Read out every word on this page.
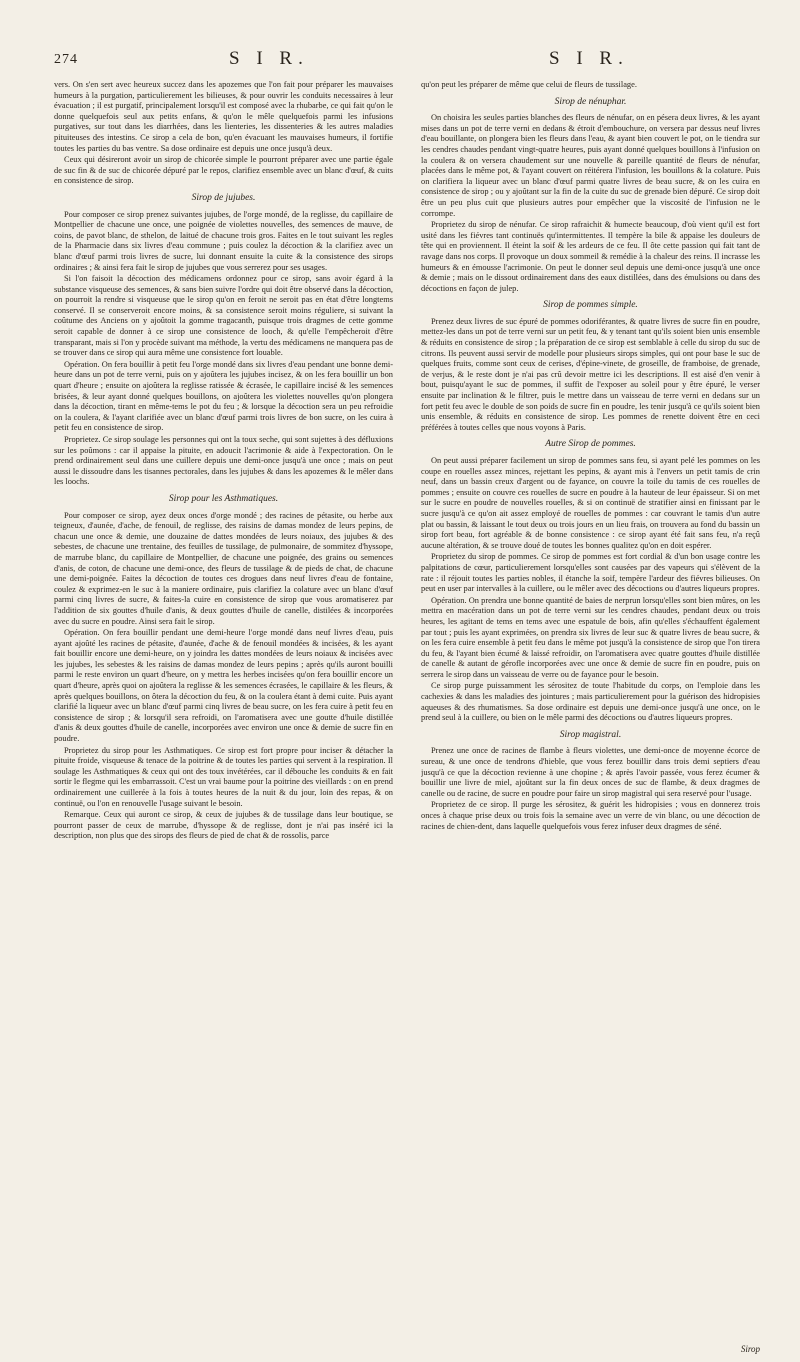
274	S I R.	S I R.

vers. On s'en sert avec heureux succez dans les apozemes que l'on fait pour préparer les mauvaises humeurs à la purgation, particulierement les bilieuses, & pour ouvrir les conduits necessaires à leur évacuation ; il est purgatif, principalement lorsqu'il est composé avec la rhubarbe, ce qui fait qu'on le donne quelquefois seul aux petits enfans, & qu'on le mêle quelquefois parmi les infusions purgatives, sur tout dans les diarrhées, dans les lienteries, les dissenteries & les autres maladies pituiteuses des intestins. Ce sirop a cela de bon, qu'en évacuant les mauvaises humeurs, il fortifie toutes les parties du bas ventre. Sa dose ordinaire est depuis une once jusqu'à deux.

Ceux qui désireront avoir un sirop de chicorée simple le pourront préparer avec une partie égale de suc fin & de suc de chicorée dépuré par le repos, clarifiez ensemble avec un blanc d'œuf, & cuits en consistence de sirop.

Sirop de jujubes.

Pour composer ce sirop prenez suivantes jujubes, de l'orge mondé, de la reglisse, du capillaire de Montpellier de chacune une once, une poignée de violettes nouvelles, des semences de mauve, de coins, de pavot blanc, de sthelon, de laitué de chacune trois gros. Faites en le tout suivant les regles de la Pharmacie dans six livres d'eau commune ; puis coulez la décoction & la clarifiez avec un blanc d'œuf parmi trois livres de sucre, lui donnant ensuite la cuite & la consistence des sirops ordinaires ; & ainsi fera fait le sirop de jujubes que vous serrerez pour ses usages.

Si l'on faisoit la décoction des médicamens ordonnez pour ce sirop, sans avoir égard à la substance visqueuse des semences, & sans bien suivre l'ordre qui doit être observé dans la décoction, on pourroit la rendre si visqueuse que le sirop qu'on en feroit ne seroit pas en état d'être longtems conservé. Il se conserveroit encore moins, & sa consistence seroit moins réguliere, si suivant la coûtume des Anciens on y ajoûtoit la gomme tragacanth, puisque trois dragmes de cette gomme seroit capable de donner à ce sirop une consistence de looch, & qu'elle l'empêcheroit d'être transparant, mais si l'on y procède suivant ma méthode, la vertu des médicamens ne manquera pas de se trouver dans ce sirop qui aura même une consistence fort louable.

Opération. On fera bouillir à petit feu l'orge mondé dans six livres d'eau pendant une bonne demi-heure dans un pot de terre verni, puis on y ajoûtera les jujubes incisez, & on les fera bouillir un bon quart d'heure ; ensuite on ajoûtera la reglisse ratissée & écrasée, le capillaire incisé & les semences brisées, & leur ayant donné quelques bouillons, on ajoûtera les violettes nouvelles qu'on plongera dans la décoction, tirant en même-tems le pot du feu ; & lorsque la décoction sera un peu refroidie on la coulera, & l'ayant clarifiée avec un blanc d'œuf parmi trois livres de bon sucre, on les cuira à petit feu en consistence de sirop.

Proprietez. Ce sirop soulage les personnes qui ont la toux seche, qui sont sujettes à des défluxions sur les poûmons : car il appaise la pituite, en adoucit l'acrimonie & aide à l'expectoration. On le prend ordinairement seul dans une cuillere depuis une demi-once jusqu'à une once ; mais on peut aussi le dissoudre dans les tisannes pectorales, dans les jujubes & dans les apozemes & le mêler dans les loochs.

Sirop pour les Asthmatiques.

Pour composer ce sirop, ayez deux onces d'orge mondé ; des racines de pétasite, ou herbe aux teigneux, d'aunée, d'ache, de fenouil, de reglisse, des raisins de damas mondez de leurs pepins, de chacun une once & demie, une douzaine de dattes mondées de leurs noiaux, des jujubes & des sebestes, de chacune une trentaine, des feuilles de tussilage, de pulmonaire, de sommitez d'hyssope, de marrube blanc, du capillaire de Montpellier, de chacune une poignée, des grains ou semences d'anis, de coton, de chacune une demi-once, des fleurs de tussilage & de pieds de chat, de chacune une demi-poignée. Faites la décoction de toutes ces drogues dans neuf livres d'eau de fontaine, coulez & exprimez-en le suc à la maniere ordinaire, puis clarifiez la colature avec un blanc d'œuf parmi cinq livres de sucre, & faites-la cuire en consistence de sirop que vous aromatiserez par l'addition de six gouttes d'huile d'anis, & deux gouttes d'huile de canelle, distilées & incorporées avec du sucre en poudre. Ainsi sera fait le sirop.

Opération. On fera bouillir pendant une demi-heure l'orge mondé dans neuf livres d'eau, puis ayant ajoûté les racines de pétasite, d'aunée, d'ache & de fenouil mondées & incisées, & les ayant fait bouillir encore une demi-heure, on y joindra les dattes mondées de leurs noiaux & incisées avec les jujubes, les sebestes & les raisins de damas mondez de leurs pepins ; après qu'ils auront bouilli parmi le reste environ un quart d'heure, on y mettra les herbes incisées qu'on fera bouillir encore un quart d'heure, après quoi on ajoûtera la reglisse & les semences écrasées, le capillaire & les fleurs, & après quelques bouillons, on ôtera la décoction du feu, & on la coulera étant à demi cuite. Puis ayant clarifié la liqueur avec un blanc d'œuf parmi cinq livres de beau sucre, on les fera cuire à petit feu en consistence de sirop ; & lorsqu'il sera refroidi, on l'aromatisera avec une goutte d'huile distillée d'anis & deux gouttes d'huile de canelle, incorporées avec environ une once & demie de sucre fin en poudre.

Proprietez du sirop pour les Asthmatiques. Ce sirop est fort propre pour inciser & détacher la pituite froide, visqueuse & tenace de la poitrine & de toutes les parties qui servent à la respiration. Il soulage les Asthmatiques & ceux qui ont des toux invétérées, car il débouche les conduits & en fait sortir le flegme qui les embarrassoit. C'est un vrai baume pour la poitrine des vieillards : on en prend ordinairement une cuillerée à la fois à toutes heures de la nuit & du jour, loin des repas, & on continuë, ou l'on en renouvelle l'usage suivant le besoin.

Remarque. Ceux qui auront ce sirop, & ceux de jujubes & de tussilage dans leur boutique, se pourront passer de ceux de marrube, d'hyssope & de reglisse, dont je n'ai pas inséré ici la description, non plus que des sirops des fleurs de pied de chat & de rossolis, parce

qu'on peut les préparer de même que celui de fleurs de tussilage.

Sirop de nénuphar.

On choisira les seules parties blanches des fleurs de nénufar, on en pésera deux livres, & les ayant mises dans un pot de terre verni en dedans & étroit d'embouchure, on versera par dessus neuf livres d'eau bouillante, on plongera bien les fleurs dans l'eau, & ayant bien couvert le pot, on le tiendra sur les cendres chaudes pendant vingt-quatre heures, puis ayant donné quelques bouillons à l'infusion on la coulera & on versera chaudement sur une nouvelle & pareille quantité de fleurs de nénufar, placées dans le même pot, & l'ayant couvert on réitérera l'infusion, les bouillons & la colature. Puis on clarifiera la liqueur avec un blanc d'œuf parmi quatre livres de beau sucre, & on les cuira en consistence de sirop ; ou y ajoûtant sur la fin de la cuite du suc de grenade bien dépuré. Ce sirop doit être un peu plus cuit que plusieurs autres pour empêcher que la viscosité de l'infusion ne le corrompe.

Proprietez du sirop de nénufar. Ce sirop rafraichit & humecte beaucoup, d'où vient qu'il est fort usité dans les fiévres tant continuës qu'intermittentes. Il tempère la bile & appaise les douleurs de tête qui en proviennent. Il éteint la soif & les ardeurs de ce feu. Il ôte cette passion qui fait tant de ravage dans nos corps. Il provoque un doux sommeil & remédie à la chaleur des reins. Il incrasse les humeurs & en émousse l'acrimonie. On peut le donner seul depuis une demi-once jusqu'à une once & demie ; mais on le dissout ordinairement dans des eaux distillées, dans des émulsions ou dans des décoctions en façon de julep.

Sirop de pommes simple.

Prenez deux livres de suc épuré de pommes odoriférantes, & quatre livres de sucre fin en poudre, mettez-les dans un pot de terre verni sur un petit feu, & y tenant tant qu'ils soient bien unis ensemble & réduits en consistence de sirop ; la préparation de ce sirop est semblable à celle du sirop du suc de citrons. Ils peuvent aussi servir de modelle pour plusieurs sirops simples, qui ont pour base le suc de quelques fruits, comme sont ceux de cerises, d'épine-vinete, de groseille, de framboise, de grenade, de verjus, & le reste dont je n'ai pas crû devoir mettre ici les descriptions. Il est aisé d'en venir à bout, puisqu'ayant le suc de pommes, il suffit de l'exposer au soleil pour y être épuré, le verser ensuite par inclination & le filtrer, puis le mettre dans un vaisseau de terre verni en dedans sur un fort petit feu avec le double de son poids de sucre fin en poudre, les tenir jusqu'à ce qu'ils soient bien unis ensemble, & réduits en consistence de sirop. Les pommes de renette doivent être en ceci préférées à toutes celles que nous voyons à Paris.

Autre Sirop de pommes.

On peut aussi préparer facilement un sirop de pommes sans feu, si ayant pelé les pommes on les coupe en rouelles assez minces, rejettant les pepins, & ayant mis à l'envers un petit tamis de crin neuf, dans un bassin creux d'argent ou de fayance, on couvre la toile du tamis de ces rouelles de pommes ; ensuite on couvre ces rouelles de sucre en poudre à la hauteur de leur épaisseur. Si on met sur le sucre en poudre de nouvelles rouelles, & si on continuë de stratifier ainsi en finissant par le sucre jusqu'à ce qu'on ait assez employé de rouelles de pommes : car couvrant le tamis d'un autre plat ou bassin, & laissant le tout deux ou trois jours en un lieu frais, on trouvera au fond du bassin un sirop fort beau, fort agréable & de bonne consistence : ce sirop ayant été fait sans feu, n'a reçû aucune altération, & se trouve doué de toutes les bonnes qualitez qu'on en doit espérer.

Proprietez du sirop de pommes. Ce sirop de pommes est fort cordial & d'un bon usage contre les palpitations de cœur, particulierement lorsqu'elles sont causées par des vapeurs qui s'élèvent de la rate : il réjouit toutes les parties nobles, il étanche la soif, tempère l'ardeur des fiévres bilieuses. On peut en user par intervalles à la cuillere, ou le mêler avec des décoctions ou d'autres liqueurs propres.

Opération. On prendra une bonne quantité de baies de nerprun lorsqu'elles sont bien mûres, on les mettra en macération dans un pot de terre verni sur les cendres chaudes, pendant deux ou trois heures, les agitant de tems en tems avec une espatule de bois, afin qu'elles s'échauffent également par tout ; puis les ayant exprimées, on prendra six livres de leur suc & quatre livres de beau sucre, & on les fera cuire ensemble à petit feu dans le même pot jusqu'à la consistence de sirop que l'on tirera du feu, & l'ayant bien écumé & laissé refroidir, on l'aromatisera avec quatre gouttes d'huile distillée de canelle & autant de gérofle incorporées avec une once & demie de sucre fin en poudre, puis on serrera le sirop dans un vaisseau de verre ou de fayance pour le besoin.

Ce sirop purge puissamment les sérositez de toute l'habitude du corps, on l'emploie dans les cachexies & dans les maladies des jointures ; mais particulierement pour la guérison des hidropisies aqueuses & des rhumatismes. Sa dose ordinaire est depuis une demi-once jusqu'à une once, on le prend seul à la cuillere, ou bien on le mêle parmi des décoctions ou d'autres liqueurs propres.

Sirop magistral.

Prenez une once de racines de flambe à fleurs violettes, une demi-once de moyenne écorce de sureau, & une once de tendrons d'hieble, que vous ferez bouillir dans trois demi septiers d'eau jusqu'à ce que la décoction revienne à une chopine ; & après l'avoir passée, vous ferez écumer & bouillir une livre de miel, ajoûtant sur la fin deux onces de suc de flambe, & deux dragmes de canelle ou de racine, de sucre en poudre pour faire un sirop magistral qui sera reservé pour l'usage.

Proprietez de ce sirop. Il purge les sérositez, & guérit les hidropisies ; vous en donnerez trois onces à chaque prise deux ou trois fois la semaine avec un verre de vin blanc, ou une décoction de racines de chien-dent, dans laquelle quelquefois vous ferez infuser deux dragmes de séné.

Sirop
